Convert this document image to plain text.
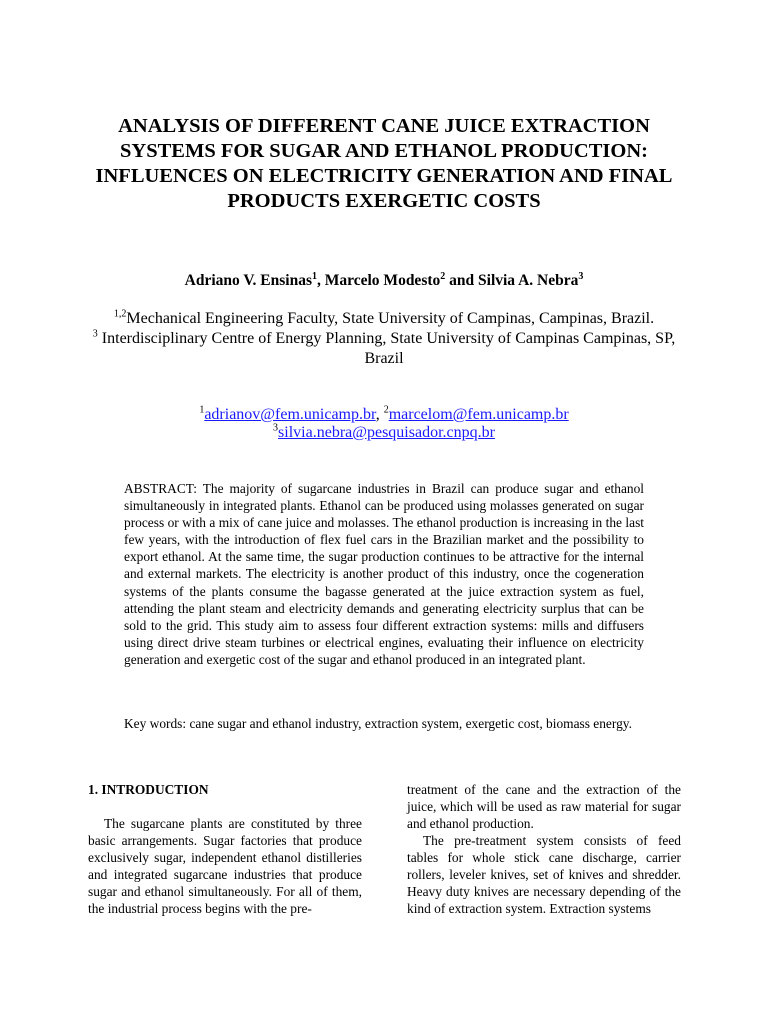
ANALYSIS OF DIFFERENT CANE JUICE EXTRACTION SYSTEMS FOR SUGAR AND ETHANOL PRODUCTION: INFLUENCES ON ELECTRICITY GENERATION AND FINAL PRODUCTS EXERGETIC COSTS
Adriano V. Ensinas$^1$, Marcelo Modesto$^2$ and Silvia A. Nebra$^3$
$^{1,2}$Mechanical Engineering Faculty, State University of Campinas, Campinas, Brazil.
$^3$ Interdisciplinary Centre of Energy Planning, State University of Campinas Campinas, SP, Brazil
$^1$adrianov@fem.unicamp.br, $^2$marcelom@fem.unicamp.br
$^3$silvia.nebra@pesquisador.cnpq.br
ABSTRACT: The majority of sugarcane industries in Brazil can produce sugar and ethanol simultaneously in integrated plants. Ethanol can be produced using molasses generated on sugar process or with a mix of cane juice and molasses. The ethanol production is increasing in the last few years, with the introduction of flex fuel cars in the Brazilian market and the possibility to export ethanol. At the same time, the sugar production continues to be attractive for the internal and external markets. The electricity is another product of this industry, once the cogeneration systems of the plants consume the bagasse generated at the juice extraction system as fuel, attending the plant steam and electricity demands and generating electricity surplus that can be sold to the grid. This study aim to assess four different extraction systems: mills and diffusers using direct drive steam turbines or electrical engines, evaluating their influence on electricity generation and exergetic cost of the sugar and ethanol produced in an integrated plant.
Key words: cane sugar and ethanol industry, extraction system, exergetic cost, biomass energy.
1. INTRODUCTION

The sugarcane plants are constituted by three basic arrangements. Sugar factories that produce exclusively sugar, independent ethanol distilleries and integrated sugarcane industries that produce sugar and ethanol simultaneously. For all of them, the industrial process begins with the pre-

treatment of the cane and the extraction of the juice, which will be used as raw material for sugar and ethanol production.

The pre-treatment system consists of feed tables for whole stick cane discharge, carrier rollers, leveler knives, set of knives and shredder. Heavy duty knives are necessary depending of the kind of extraction system. Extraction systems
